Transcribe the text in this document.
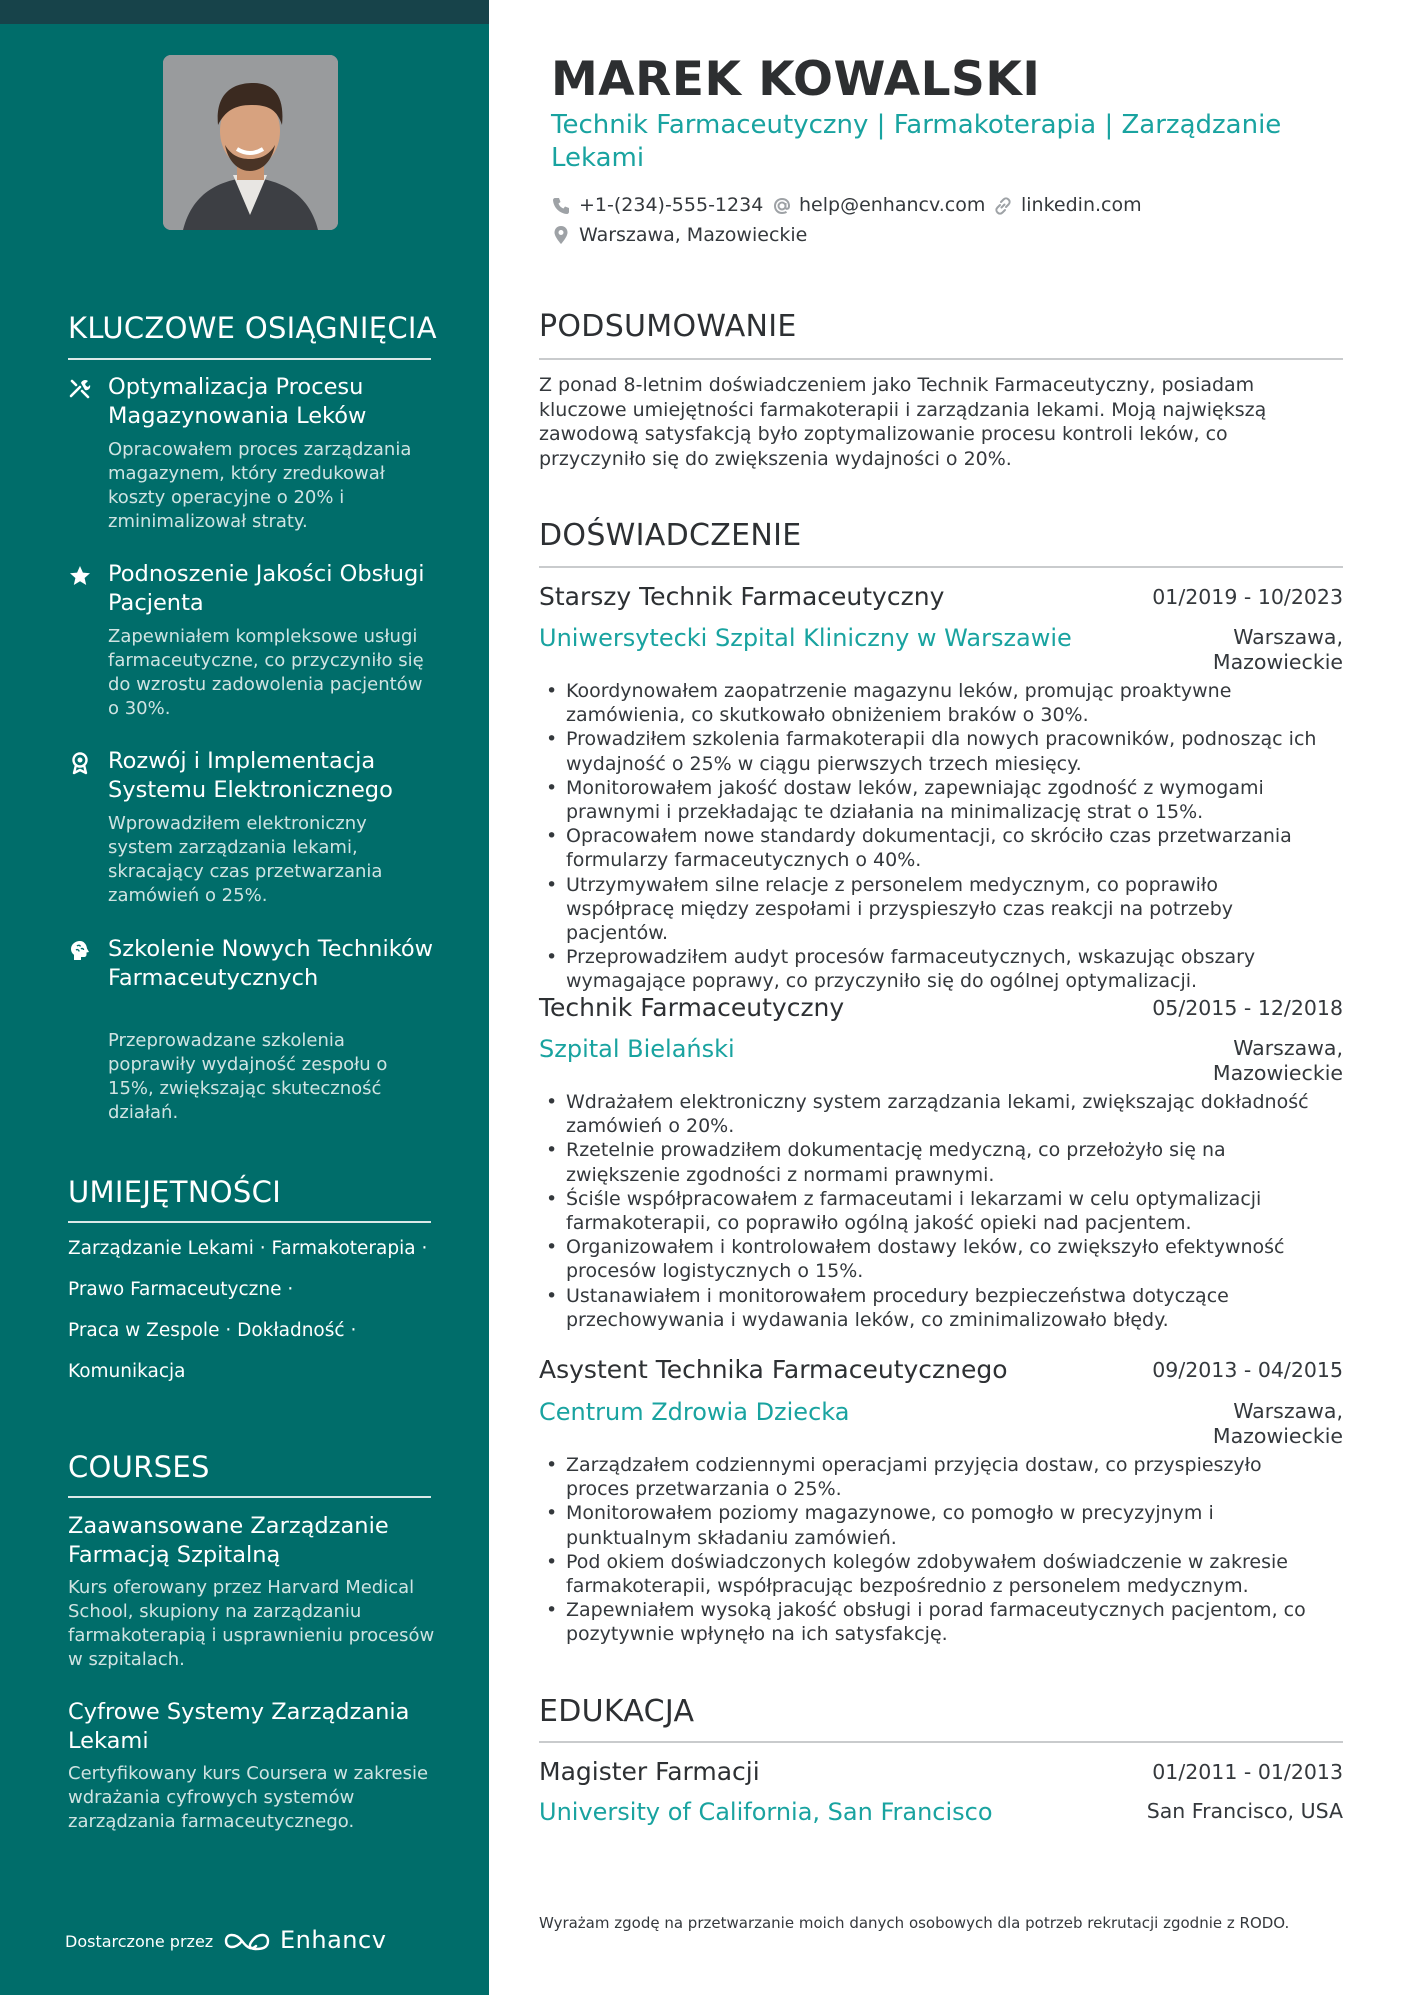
KLUCZOWE OSIĄGNIĘCIA
Optymalizacja Procesu Magazynowania Leków
Opracowałem proces zarządzania magazynem, który zredukował koszty operacyjne o 20% i zminimalizował straty.
Podnoszenie Jakości Obsługi Pacjenta
Zapewniałem kompleksowe usługi farmaceutyczne, co przyczyniło się do wzrostu zadowolenia pacjentów o 30%.
Rozwój i Implementacja Systemu Elektronicznego
Wprowadziłem elektroniczny system zarządzania lekami, skracający czas przetwarzania zamówień o 25%.
Szkolenie Nowych Techników Farmaceutycznych
Przeprowadzane szkolenia poprawiły wydajność zespołu o 15%, zwiększając skuteczność działań.
UMIEJĘTNOŚCI
Zarządzanie Lekami · Farmakoterapia ·
Prawo Farmaceutyczne ·
Praca w Zespole · Dokładność ·
Komunikacja
COURSES
Zaawansowane Zarządzanie Farmacją Szpitalną
Kurs oferowany przez Harvard Medical School, skupiony na zarządzaniu farmakoterapią i usprawnieniu procesów w szpitalach.
Cyfrowe Systemy Zarządzania Lekami
Certyfikowany kurs Coursera w zakresie wdrażania cyfrowych systemów zarządzania farmaceutycznego.
Dostarczone przez	Enhancv
MAREK KOWALSKI
Technik Farmaceutyczny | Farmakoterapia | Zarządzanie Lekami
+1-(234)-555-1234 help@enhancv.com linkedin.com
Warszawa, Mazowieckie
PODSUMOWANIE
Z ponad 8-letnim doświadczeniem jako Technik Farmaceutyczny, posiadam kluczowe umiejętności farmakoterapii i zarządzania lekami. Moją największą zawodową satysfakcją było zoptymalizowanie procesu kontroli leków, co przyczyniło się do zwiększenia wydajności o 20%.
DOŚWIADCZENIE
Starszy Technik Farmaceutyczny	01/2019 - 10/2023
Uniwersytecki Szpital Kliniczny w Warszawie	Warszawa,
Mazowieckie
• Koordynowałem zaopatrzenie magazynu leków, promując proaktywne zamówienia, co skutkowało obniżeniem braków o 30%.
• Prowadziłem szkolenia farmakoterapii dla nowych pracowników, podnosząc ich wydajność o 25% w ciągu pierwszych trzech miesięcy.
• Monitorowałem jakość dostaw leków, zapewniając zgodność z wymogami prawnymi i przekładając te działania na minimalizację strat o 15%.
• Opracowałem nowe standardy dokumentacji, co skróciło czas przetwarzania formularzy farmaceutycznych o 40%.
• Utrzymywałem silne relacje z personelem medycznym, co poprawiło współpracę między zespołami i przyspieszyło czas reakcji na potrzeby pacjentów.
• Przeprowadziłem audyt procesów farmaceutycznych, wskazując obszary wymagające poprawy, co przyczyniło się do ogólnej optymalizacji.
Technik Farmaceutyczny	05/2015 - 12/2018
Szpital Bielański	Warszawa,
Mazowieckie
• Wdrażałem elektroniczny system zarządzania lekami, zwiększając dokładność zamówień o 20%.
• Rzetelnie prowadziłem dokumentację medyczną, co przełożyło się na zwiększenie zgodności z normami prawnymi.
• Ściśle współpracowałem z farmaceutami i lekarzami w celu optymalizacji farmakoterapii, co poprawiło ogólną jakość opieki nad pacjentem.
• Organizowałem i kontrolowałem dostawy leków, co zwiększyło efektywność procesów logistycznych o 15%.
• Ustanawiałem i monitorowałem procedury bezpieczeństwa dotyczące przechowywania i wydawania leków, co zminimalizowało błędy.
Asystent Technika Farmaceutycznego	09/2013 - 04/2015
Centrum Zdrowia Dziecka	Warszawa,
Mazowieckie
• Zarządzałem codziennymi operacjami przyjęcia dostaw, co przyspieszyło proces przetwarzania o 25%.
• Monitorowałem poziomy magazynowe, co pomogło w precyzyjnym i punktualnym składaniu zamówień.
• Pod okiem doświadczonych kolegów zdobywałem doświadczenie w zakresie farmakoterapii, współpracując bezpośrednio z personelem medycznym.
• Zapewniałem wysoką jakość obsługi i porad farmaceutycznych pacjentom, co pozytywnie wpłynęło na ich satysfakcję.
EDUKACJA
Magister Farmacji	01/2011 - 01/2013
University of California, San Francisco	San Francisco, USA
Wyrażam zgodę na przetwarzanie moich danych osobowych dla potrzeb rekrutacji zgodnie z RODO.
